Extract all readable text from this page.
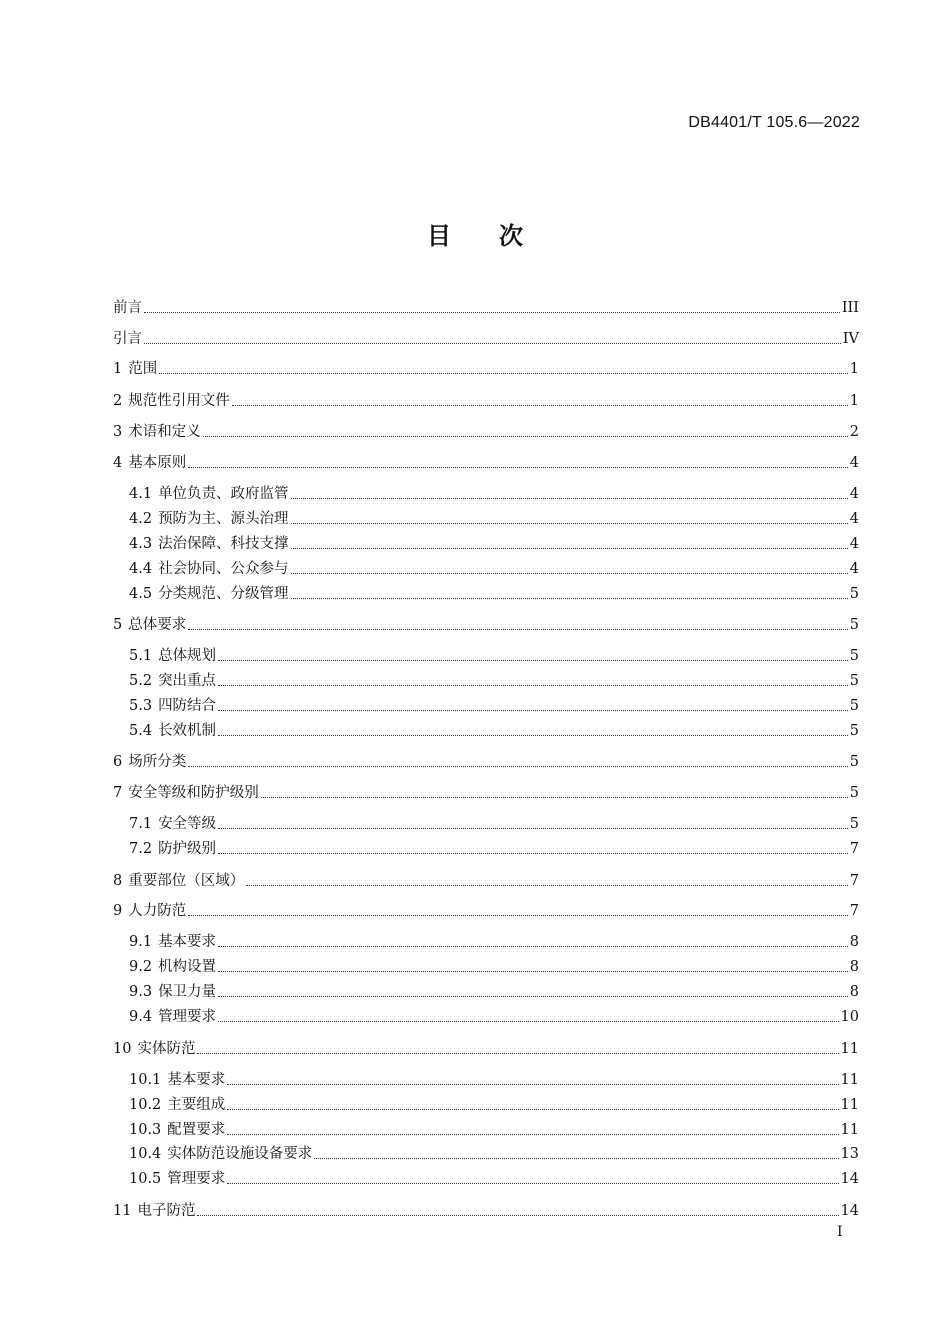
DB4401/T 105.6—2022
目 次
前言	III
引言	IV
1 范围	1
2 规范性引用文件	1
3 术语和定义	2
4 基本原则	4
4.1 单位负责、政府监管	4
4.2 预防为主、源头治理	4
4.3 法治保障、科技支撑	4
4.4 社会协同、公众参与	4
4.5 分类规范、分级管理	5
5 总体要求	5
5.1 总体规划	5
5.2 突出重点	5
5.3 四防结合	5
5.4 长效机制	5
6 场所分类	5
7 安全等级和防护级别	5
7.1 安全等级	5
7.2 防护级别	7
8 重要部位（区域）	7
9 人力防范	7
9.1 基本要求	8
9.2 机构设置	8
9.3 保卫力量	8
9.4 管理要求	10
10 实体防范	11
10.1 基本要求	11
10.2 主要组成	11
10.3 配置要求	11
10.4 实体防范设施设备要求	13
10.5 管理要求	14
11 电子防范	14
I
